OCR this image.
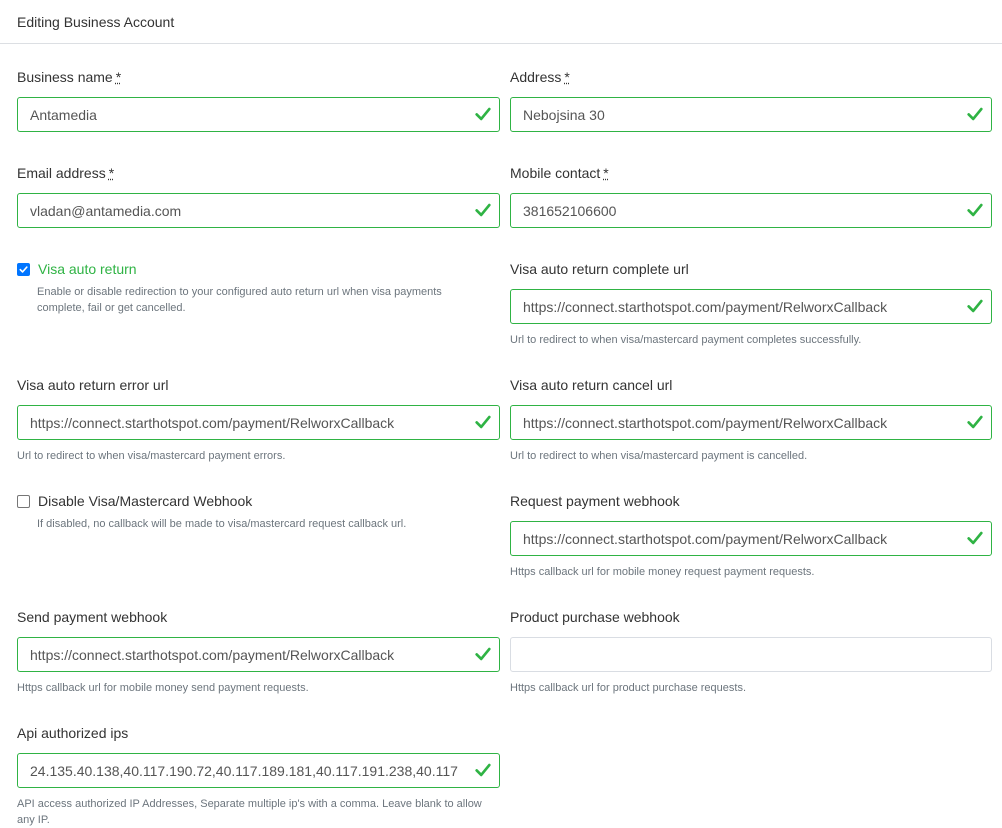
Editing Business Account
Business name *
Antamedia	Address *
Nebojsina 30
Email address *
vladan@antamedia.com	Mobile contact *
381652106600
Visa auto return
Enable or disable redirection to your configured auto return url when visa payments complete, fail or get cancelled.
Visa auto return complete url
https://connect.starthotspot.com/payment/RelworxCallback
Url to redirect to when visa/mastercard payment completes successfully.
Visa auto return error url
https://connect.starthotspot.com/payment/RelworxCallback
Url to redirect to when visa/mastercard payment errors.
Visa auto return cancel url
https://connect.starthotspot.com/payment/RelworxCallback
Url to redirect to when visa/mastercard payment is cancelled.
Disable Visa/Mastercard Webhook
If disabled, no callback will be made to visa/mastercard request callback url.
Request payment webhook
https://connect.starthotspot.com/payment/RelworxCallback
Https callback url for mobile money request payment requests.
Send payment webhook
https://connect.starthotspot.com/payment/RelworxCallback
Https callback url for mobile money send payment requests.
Product purchase webhook
Https callback url for product purchase requests.
Api authorized ips
24.135.40.138,40.117.190.72,40.117.189.181,40.117.191.238,40.117.185.
API access authorized IP Addresses, Separate multiple ip's with a comma. Leave blank to allow any IP.
